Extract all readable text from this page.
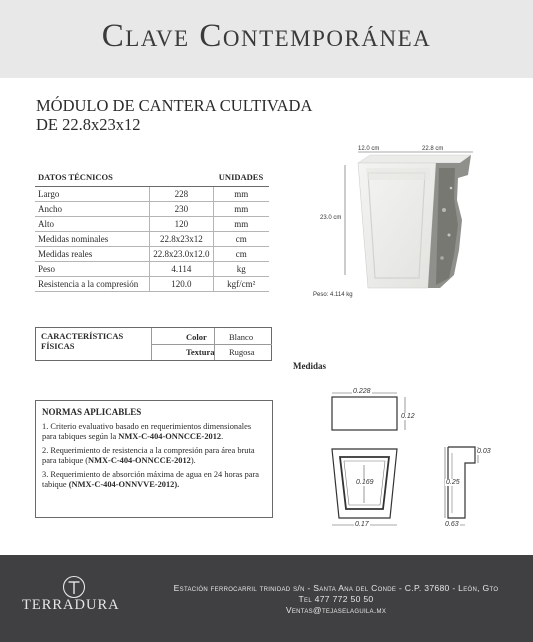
Clave Contemporánea
MÓDULO DE CANTERA CULTIVADA
DE 22.8x23x12
DATOS TÉCNICOS		UNIDADES
Largo	228	mm
Ancho	230	mm
Alto	120	mm
Medidas nominales	22.8x23x12	cm
Medidas reales	22.8x23.0x12.0	cm
Peso	4.114	kg
Resistencia a la compresión	120.0	kgf/cm²
12.0 cm	22.8 cm
23.0 cm
Peso: 4.114 kg
CARACTERÍSTICAS FÍSICAS
Color	Blanco
Textura Rugosa
NORMAS APLICABLES

1. Criterio evaluativo basado en requerimientos dimensionales para tabiques según la NMX-C-404-ONNCCE-2012.

2. Requerimiento de resistencia a la compresión para área bruta para tabique (NMX-C-404-ONNCCE-2012).

3. Requerimiento de absorción máxima de agua en 24 horas para tabique (NMX-C-404-ONNVVE-2012).

Medidas
0.228
0.12
0.169
0.17
0.03
0.25
0.63
TERRADURA
Estación ferrocarril trinidad s/n - Santa Ana del Conde - C.P. 37680 - León, Gto
Tel 477 772 50 50
Ventas@tejaselaguila.mx
